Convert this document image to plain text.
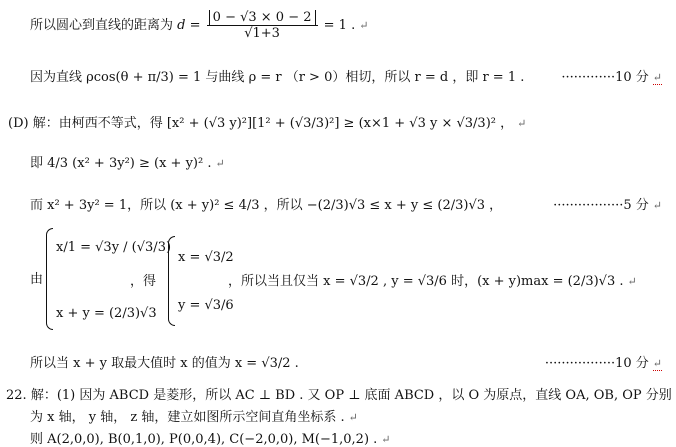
所以圆心到直线的距离为 $d = \frac{0 - √3 \times 0 - 2}{√1+3} = 1$ . ↵
因为直线 ρcos(θ + π/3) = 1 与曲线 ρ = r （r > 0）相切，所以 r = d ，即 r = 1 .	·············10 分 ↵
(D) 解：由柯西不等式，得 [x² + (√3 y)²][1² + (√3/3)²] ≥ (x×1 + √3 y × √3/3)² ， ↵
即 4/3 (x² + 3y²) ≥ (x + y)² . ↵
而 x² + 3y² = 1，所以 (x + y)² ≤ 4/3 ，所以 −(2/3)√3 ≤ x + y ≤ (2/3)√3 ，	·················5 分 ↵
由
x/1 = √3y / (√3/3)
x + y = (2/3)√3
，得
x = √3/2
y = √3/6
，所以当且仅当 x = √3/2 , y = √3/6 时，(x + y)max = (2/3)√3 . ↵
所以当 x + y 取最大值时 x 的值为 x = √3/2 .	·················10 分 ↵
22. 解：(1) 因为 ABCD 是菱形，所以 AC ⊥ BD . 又 OP ⊥ 底面 ABCD ，以 O 为原点，直线 OA, OB, OP 分别
为 x 轴， y 轴， z 轴，建立如图所示空间直角坐标系 . ↵
则 A(2,0,0), B(0,1,0), P(0,0,4), C(−2,0,0), M(−1,0,2) . ↵
